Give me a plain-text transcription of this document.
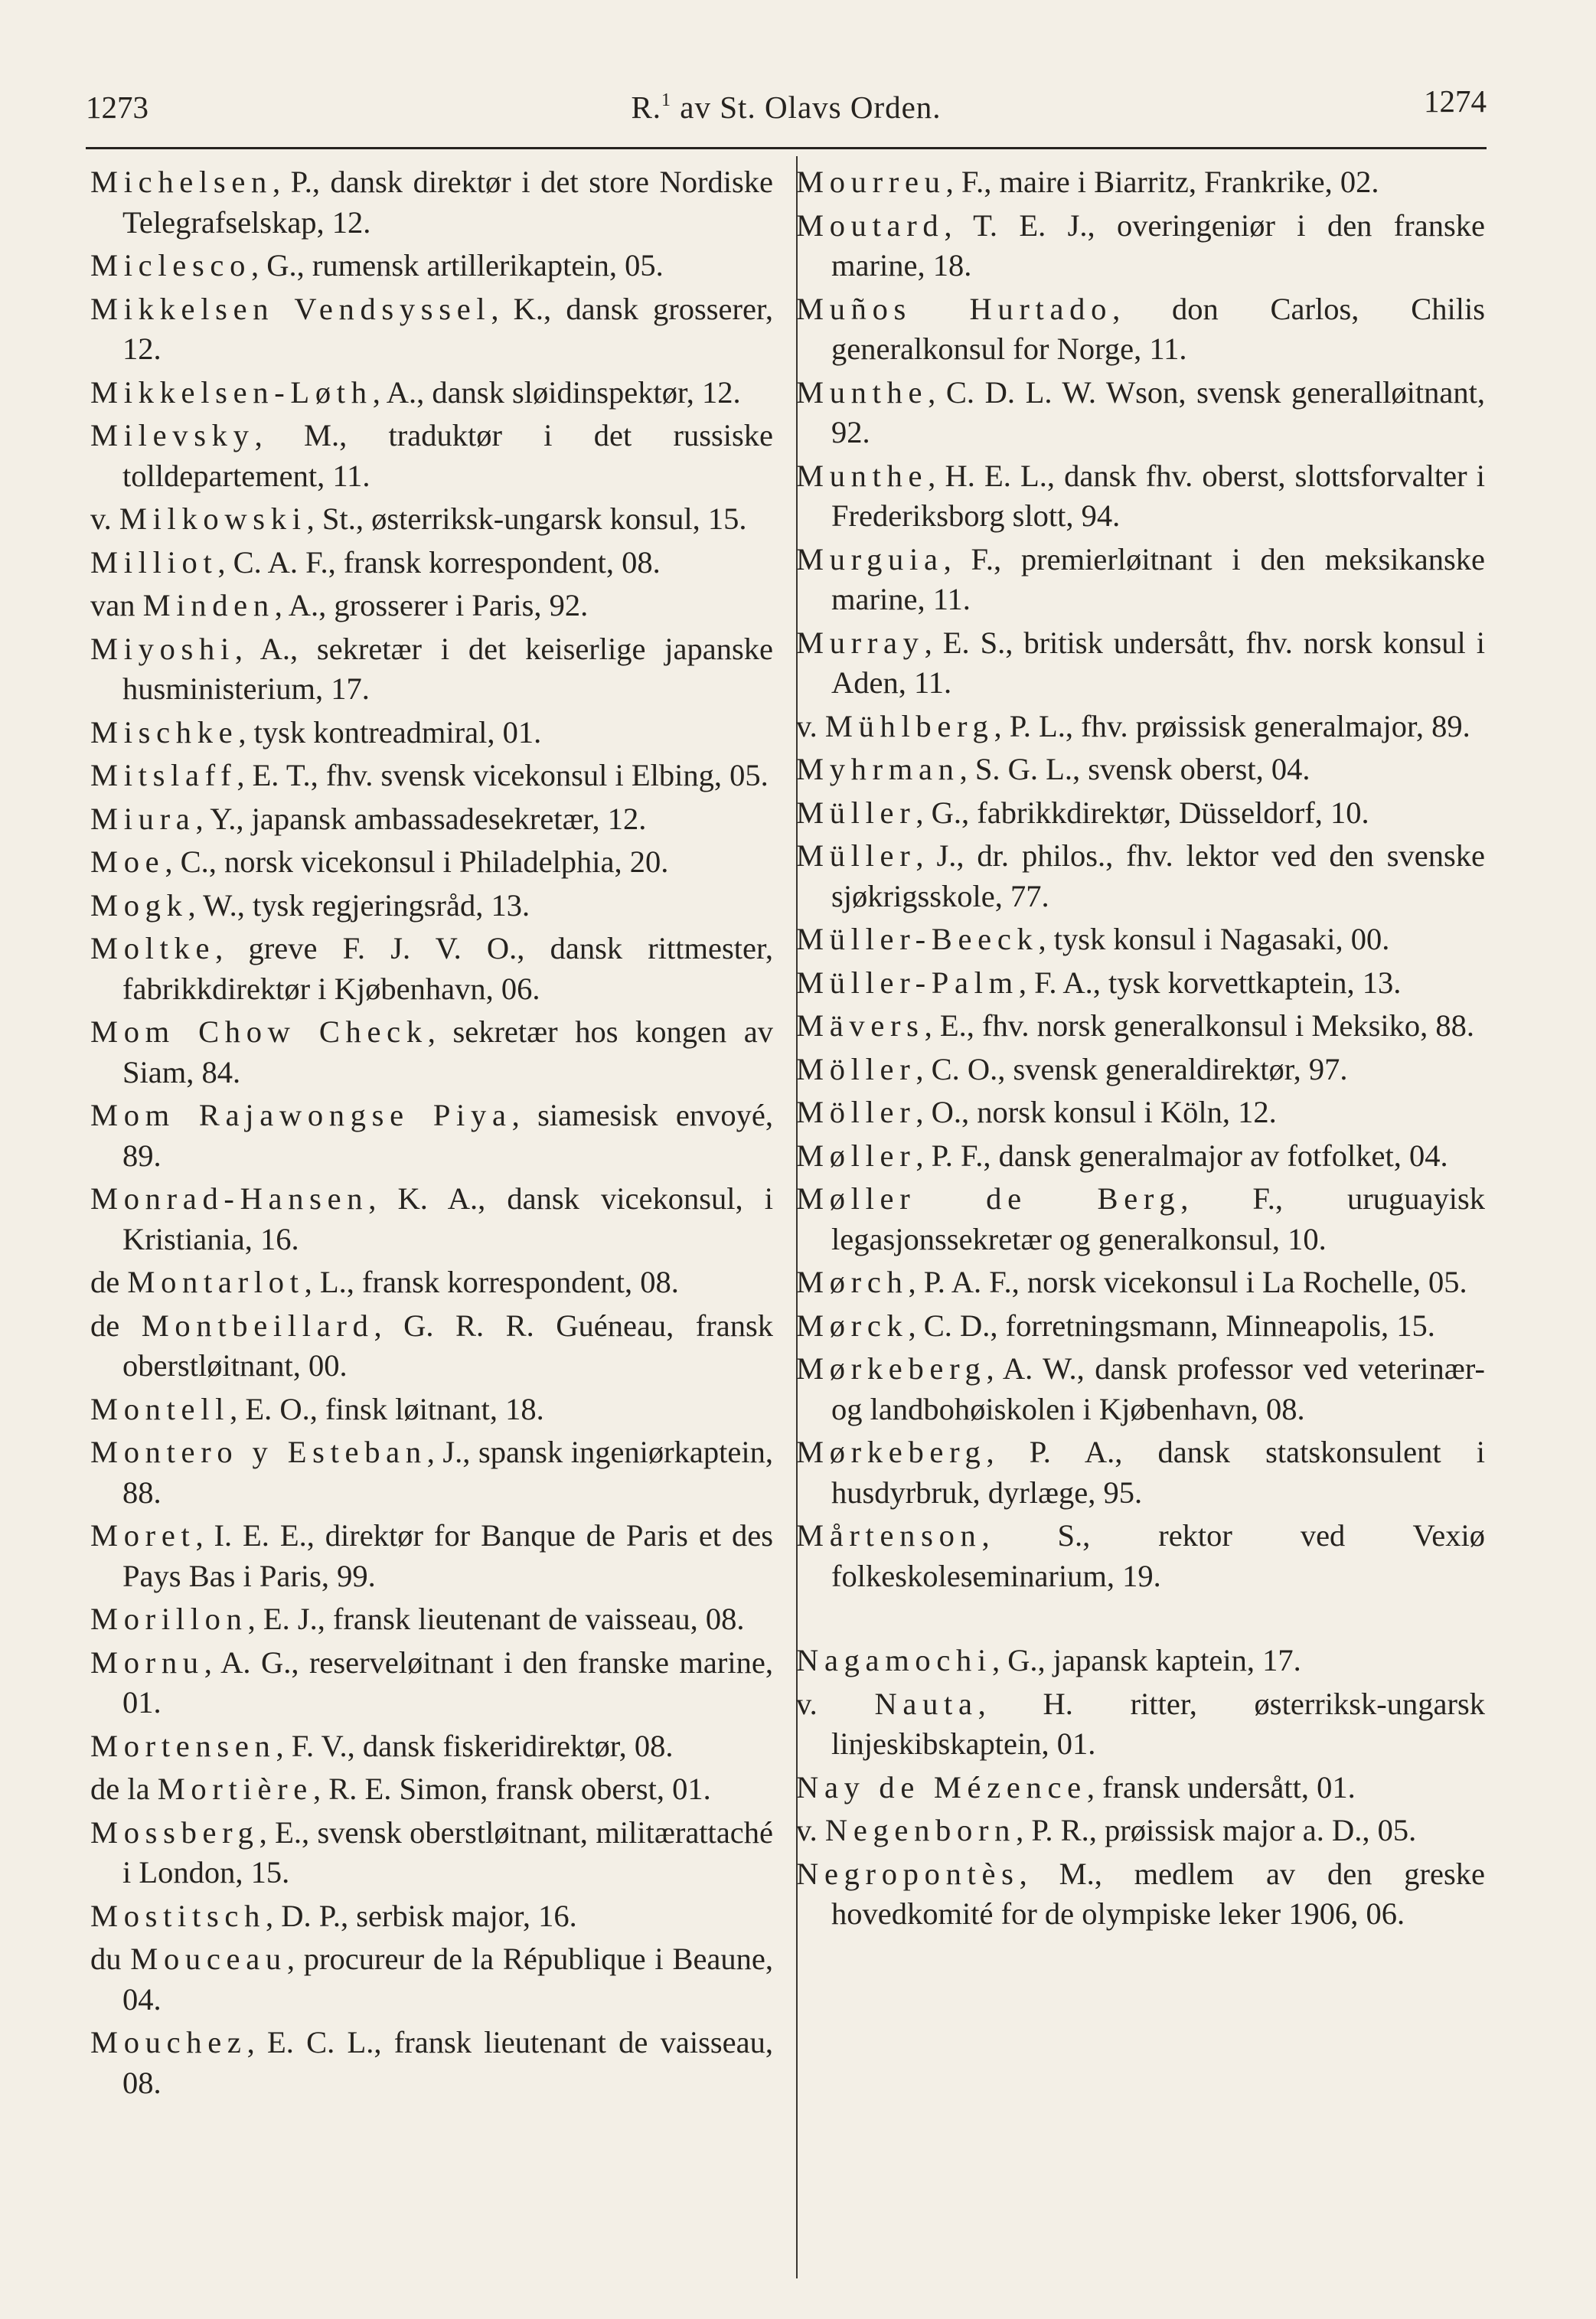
1273	R.$^1$ av St. Olavs Orden.	1274
Michelsen, P., dansk direktør i det store Nordiske Telegrafselskap, 12.
Miclesco, G., rumensk artillerikaptein, 05.
Mikkelsen Vendsyssel, K., dansk grosserer, 12.
Mikkelsen-Løth, A., dansk sløidinspektør, 12.
Milevsky, M., traduktør i det russiske tolldepartement, 11.
v. Milkowski, St., østerriksk-ungarsk konsul, 15.
Milliot, C. A. F., fransk korrespondent, 08.
van Minden, A., grosserer i Paris, 92.
Miyoshi, A., sekretær i det keiserlige japanske husministerium, 17.
Mischke, tysk kontreadmiral, 01.
Mitslaff, E. T., fhv. svensk vicekonsul i Elbing, 05.
Miura, Y., japansk ambassadesekretær, 12.
Moe, C., norsk vicekonsul i Philadelphia, 20.
Mogk, W., tysk regjeringsråd, 13.
Moltke, greve F. J. V. O., dansk rittmester, fabrikkdirektør i Kjøbenhavn, 06.
Mom Chow Check, sekretær hos kongen av Siam, 84.
Mom Rajawongse Piya, siamesisk envoyé, 89.
Monrad-Hansen, K. A., dansk vicekonsul, i Kristiania, 16.
de Montarlot, L., fransk korrespondent, 08.
de Montbeillard, G. R. R. Guéneau, fransk oberstløitnant, 00.
Montell, E. O., finsk løitnant, 18.
Montero y Esteban, J., spansk ingeniørkaptein, 88.
Moret, I. E. E., direktør for Banque de Paris et des Pays Bas i Paris, 99.
Morillon, E. J., fransk lieutenant de vaisseau, 08.
Mornu, A. G., reserveløitnant i den franske marine, 01.
Mortensen, F. V., dansk fiskeridirektør, 08.
de la Mortière, R. E. Simon, fransk oberst, 01.
Mossberg, E., svensk oberstløitnant, militærattaché i London, 15.
Mostitsch, D. P., serbisk major, 16.
du Mouceau, procureur de la République i Beaune, 04.
Mouchez, E. C. L., fransk lieutenant de vaisseau, 08.
Mourreu, F., maire i Biarritz, Frankrike, 02.
Moutard, T. E. J., overingeniør i den franske marine, 18.
Muños Hurtado, don Carlos, Chilis generalkonsul for Norge, 11.
Munthe, C. D. L. W. Wson, svensk generalløitnant, 92.
Munthe, H. E. L., dansk fhv. oberst, slottsforvalter i Frederiksborg slott, 94.
Murguia, F., premierløitnant i den meksikanske marine, 11.
Murray, E. S., britisk undersått, fhv. norsk konsul i Aden, 11.
v. Mühlberg, P. L., fhv. prøissisk generalmajor, 89.
Myhrman, S. G. L., svensk oberst, 04.
Müller, G., fabrikkdirektør, Düsseldorf, 10.
Müller, J., dr. philos., fhv. lektor ved den svenske sjøkrigsskole, 77.
Müller-Beeck, tysk konsul i Nagasaki, 00.
Müller-Palm, F. A., tysk korvettkaptein, 13.
Mävers, E., fhv. norsk generalkonsul i Meksiko, 88.
Möller, C. O., svensk generaldirektør, 97.
Möller, O., norsk konsul i Köln, 12.
Møller, P. F., dansk generalmajor av fotfolket, 04.
Møller de Berg, F., uruguayisk legasjonssekretær og generalkonsul, 10.
Mørch, P. A. F., norsk vicekonsul i La Rochelle, 05.
Mørck, C. D., forretningsmann, Minneapolis, 15.
Mørkeberg, A. W., dansk professor ved veterinær- og landbohøiskolen i Kjøbenhavn, 08.
Mørkeberg, P. A., dansk statskonsulent i husdyrbruk, dyrlæge, 95.
Mårtenson, S., rektor ved Vexiø folkeskoleseminarium, 19.
Nagamochi, G., japansk kaptein, 17.
v. Nauta, H. ritter, østerriksk-ungarsk linjeskibskaptein, 01.
Nay de Mézence, fransk undersått, 01.
v. Negenborn, P. R., prøissisk major a. D., 05.
Negropontès, M., medlem av den greske hovedkomité for de olympiske leker 1906, 06.
